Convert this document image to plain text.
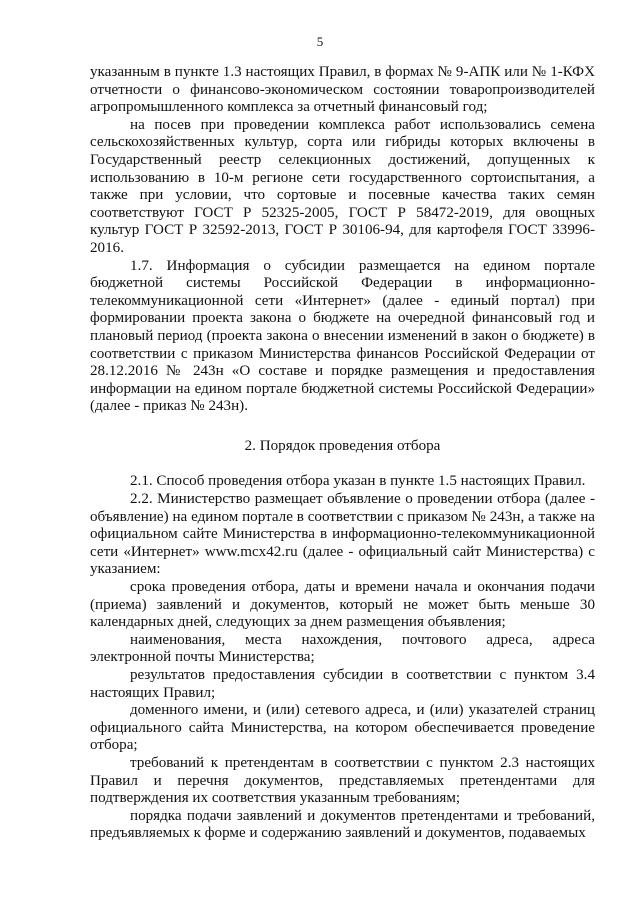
5

указанным в пункте 1.3 настоящих Правил, в формах № 9-АПК или № 1-КФХ отчетности о финансово-экономическом состоянии товаропроизводителей агропромышленного комплекса за отчетный финансовый год;

на посев при проведении комплекса работ использовались семена сельскохозяйственных культур, сорта или гибриды которых включены в Государственный реестр селекционных достижений, допущенных к использованию в 10-м регионе сети государственного сортоиспытания, а также при условии, что сортовые и посевные качества таких семян соответствуют ГОСТ Р 52325-2005, ГОСТ Р 58472-2019, для овощных культур ГОСТ Р 32592-2013, ГОСТ Р 30106-94, для картофеля ГОСТ 33996-2016.

1.7. Информация о субсидии размещается на едином портале бюджетной системы Российской Федерации в информационно-телекоммуникационной сети «Интернет» (далее - единый портал) при формировании проекта закона о бюджете на очередной финансовый год и плановый период (проекта закона о внесении изменений в закон о бюджете) в соответствии с приказом Министерства финансов Российской Федерации от 28.12.2016 № 243н «О составе и порядке размещения и предоставления информации на едином портале бюджетной системы Российской Федерации» (далее - приказ № 243н).

2. Порядок проведения отбора

2.1. Способ проведения отбора указан в пункте 1.5 настоящих Правил.

2.2. Министерство размещает объявление о проведении отбора (далее - объявление) на едином портале в соответствии с приказом № 243н, а также на официальном сайте Министерства в информационно-телекоммуникационной сети «Интернет» www.mcx42.ru (далее - официальный сайт Министерства) с указанием:

срока проведения отбора, даты и времени начала и окончания подачи (приема) заявлений и документов, который не может быть меньше 30 календарных дней, следующих за днем размещения объявления;

наименования, места нахождения, почтового адреса, адреса электронной почты Министерства;

результатов предоставления субсидии в соответствии с пунктом 3.4 настоящих Правил;

доменного имени, и (или) сетевого адреса, и (или) указателей страниц официального сайта Министерства, на котором обеспечивается проведение отбора;

требований к претендентам в соответствии с пунктом 2.3 настоящих Правил и перечня документов, представляемых претендентами для подтверждения их соответствия указанным требованиям;

порядка подачи заявлений и документов претендентами и требований, предъявляемых к форме и содержанию заявлений и документов, подаваемых
